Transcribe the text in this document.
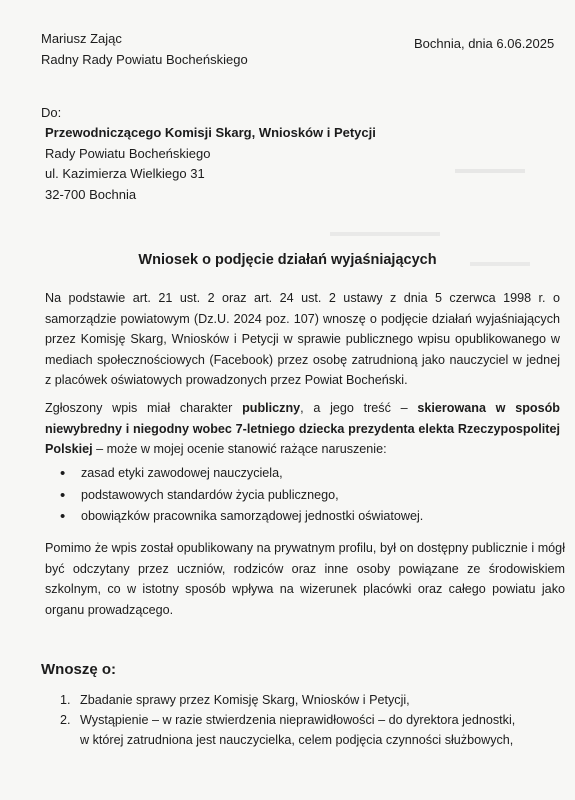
Mariusz Zając
Radny Rady Powiatu Bocheńskiego
Bochnia, dnia 6.06.2025
Do:
Przewodniczącego Komisji Skarg, Wniosków i Petycji
Rady Powiatu Bocheńskiego
ul. Kazimierza Wielkiego 31
32-700 Bochnia
Wniosek o podjęcie działań wyjaśniających

Na podstawie art. 21 ust. 2 oraz art. 24 ust. 2 ustawy z dnia 5 czerwca 1998 r. o samorządzie powiatowym (Dz.U. 2024 poz. 107) wnoszę o podjęcie działań wyjaśniających przez Komisję Skarg, Wniosków i Petycji w sprawie publicznego wpisu opublikowanego w mediach społecznościowych (Facebook) przez osobę zatrudnioną jako nauczyciel w jednej z placówek oświatowych prowadzonych przez Powiat Bocheński.

Zgłoszony wpis miał charakter publiczny, a jego treść – skierowana w sposób niewybredny i niegodny wobec 7-letniego dziecka prezydenta elekta Rzeczypospolitej Polskiej – może w mojej ocenie stanowić rażące naruszenie:

• zasad etyki zawodowej nauczyciela,
• podstawowych standardów życia publicznego,
• obowiązków pracownika samorządowej jednostki oświatowej.

Pomimo że wpis został opublikowany na prywatnym profilu, był on dostępny publicznie i mógł być odczytany przez uczniów, rodziców oraz inne osoby powiązane ze środowiskiem szkolnym, co w istotny sposób wpływa na wizerunek placówki oraz całego powiatu jako organu prowadzącego.

Wnoszę o:
1. Zbadanie sprawy przez Komisję Skarg, Wniosków i Petycji,
2. Wystąpienie – w razie stwierdzenia nieprawidłowości – do dyrektora jednostki,
w której zatrudniona jest nauczycielka, celem podjęcia czynności służbowych,
